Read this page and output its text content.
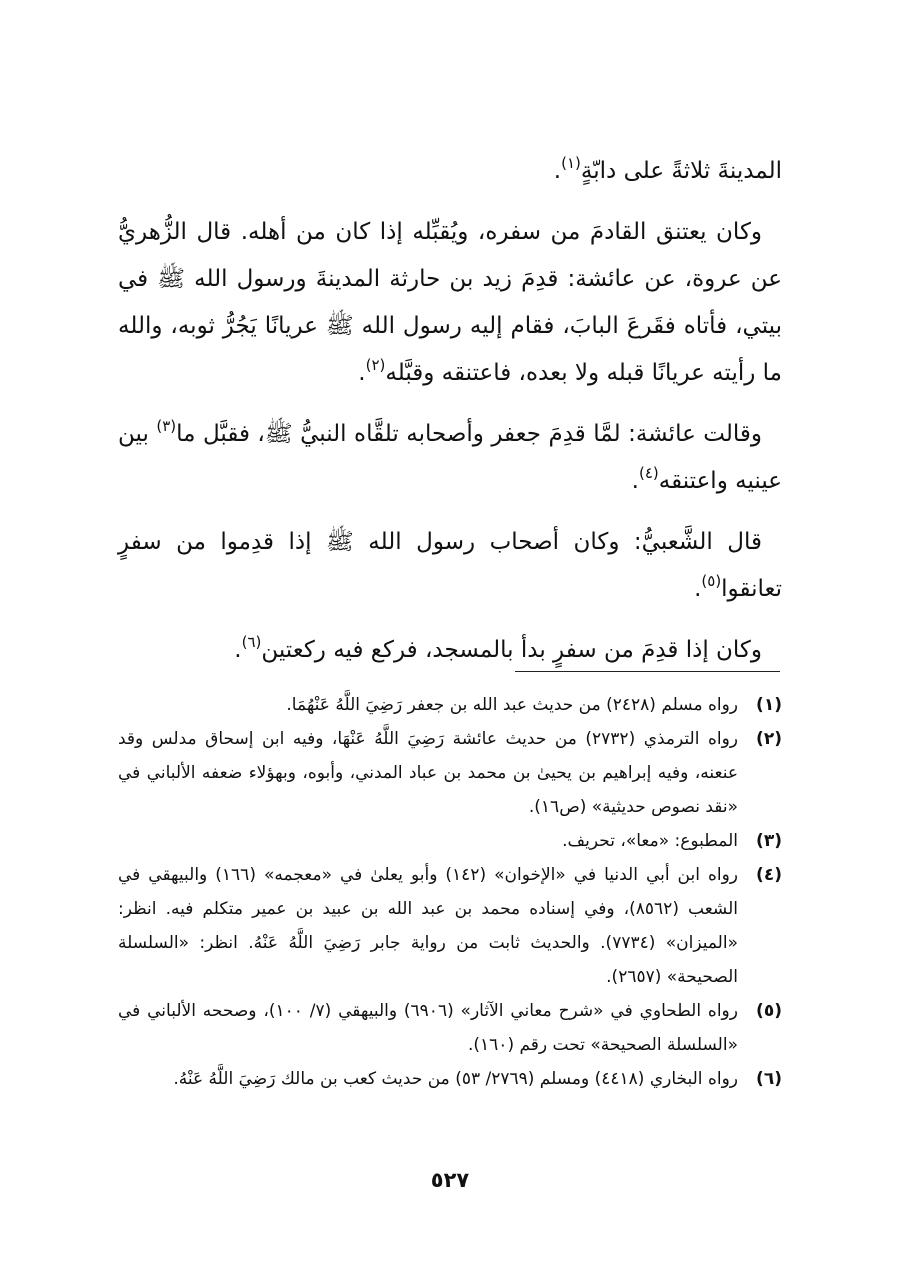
المدينةَ ثلاثةً على دابّةٍ$^{(١)}$.

وكان يعتنق القادمَ من سفره، ويُقبِّله إذا كان من أهله. قال الزُّهريُّ عن عروة، عن عائشة: قدِمَ زيد بن حارثة المدينةَ ورسول الله ﷺ في بيتي، فأتاه فقَرعَ البابَ، فقام إليه رسول الله ﷺ عريانًا يَجُرُّ ثوبه، والله ما رأيته عريانًا قبله ولا بعده، فاعتنقه وقبَّله$^{(٢)}$.

وقالت عائشة: لمَّا قدِمَ جعفر وأصحابه تلقَّاه النبيُّ ﷺ، فقبَّل ما$^{(٣)}$ بين عينيه واعتنقه$^{(٤)}$.

قال الشَّعبيُّ: وكان أصحاب رسول الله ﷺ إذا قدِموا من سفرٍ تعانقوا$^{(٥)}$.

وكان إذا قدِمَ من سفرٍ بدأ بالمسجد، فركع فيه ركعتين$^{(٦)}$.

(١)
رواه مسلم (٢٤٢٨) من حديث عبد الله بن جعفر رَضِيَ اللَّهُ عَنْهُمَا.
(٢)
رواه الترمذي (٢٧٣٢) من حديث عائشة رَضِيَ اللَّهُ عَنْهَا، وفيه ابن إسحاق مدلس وقد عنعنه، وفيه إبراهيم بن يحيىٰ بن محمد بن عباد المدني، وأبوه، وبهؤلاء ضعفه الألباني في «نقد نصوص حديثية» (ص١٦).
(٣)
المطبوع: «معا»، تحريف.
(٤)
رواه ابن أبي الدنيا في «الإخوان» (١٤٢) وأبو يعلىٰ في «معجمه» (١٦٦) والبيهقي في الشعب (٨٥٦٢)، وفي إسناده محمد بن عبد الله بن عبيد بن عمير متكلم فيه. انظر: «الميزان» (٧٧٣٤). والحديث ثابت من رواية جابر رَضِيَ اللَّهُ عَنْهُ. انظر: «السلسلة الصحيحة» (٢٦٥٧).
(٥)
رواه الطحاوي في «شرح معاني الآثار» (٦٩٠٦) والبيهقي (٧/ ١٠٠)، وصححه الألباني في «السلسلة الصحيحة» تحت رقم (١٦٠).
(٦)
رواه البخاري (٤٤١٨) ومسلم (٢٧٦٩/ ٥٣) من حديث كعب بن مالك رَضِيَ اللَّهُ عَنْهُ.
٥٢٧
